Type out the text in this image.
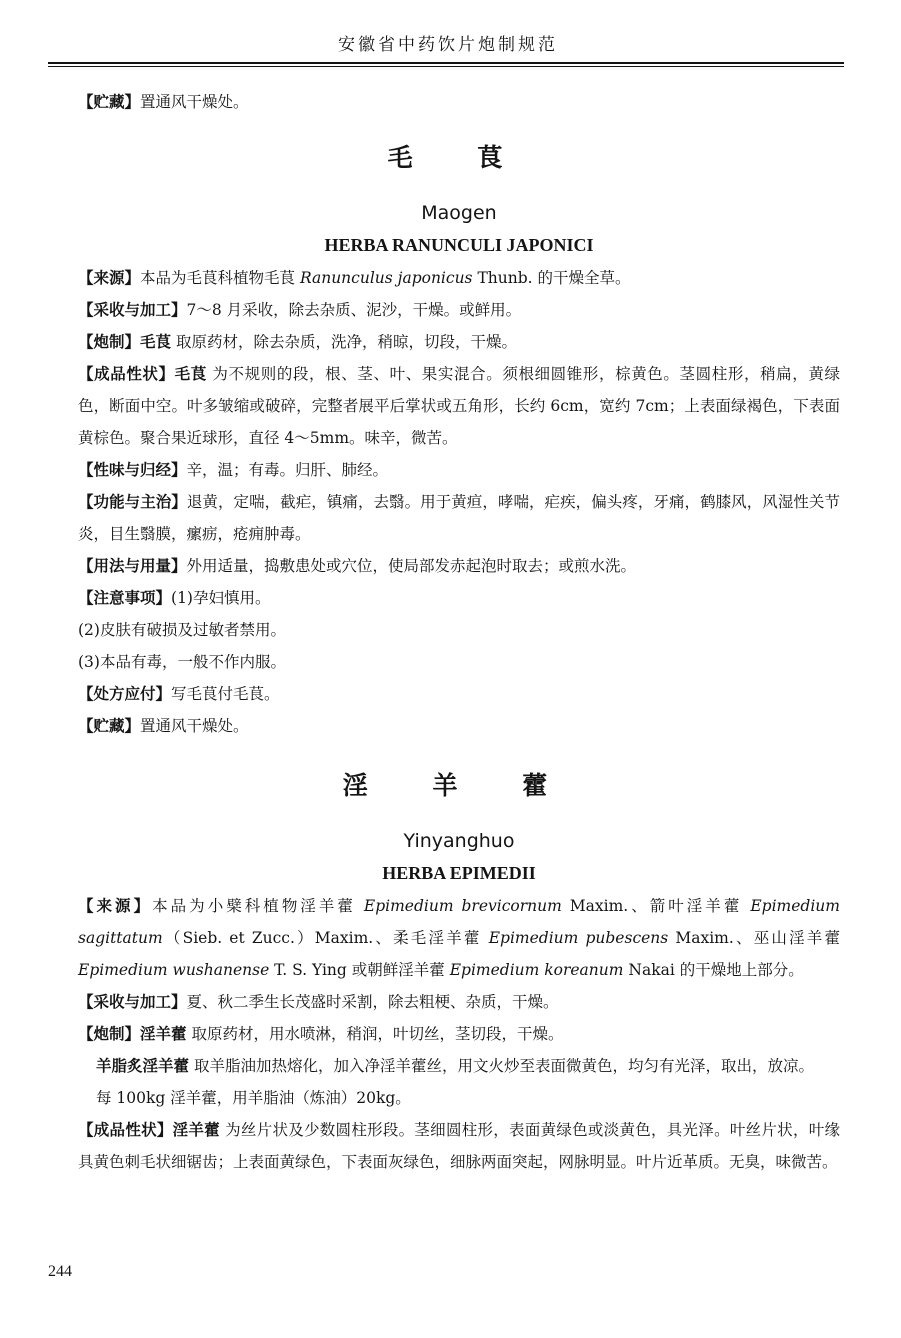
安徽省中药饮片炮制规范

【贮藏】置通风干燥处。

毛 茛
Maogen
HERBA RANUNCULI JAPONICI

【来源】本品为毛茛科植物毛茛 Ranunculus japonicus Thunb. 的干燥全草。

【采收与加工】7～8 月采收，除去杂质、泥沙，干燥。或鲜用。

【炮制】毛茛 取原药材，除去杂质，洗净，稍晾，切段，干燥。

【成品性状】毛茛 为不规则的段，根、茎、叶、果实混合。须根细圆锥形，棕黄色。茎圆柱形，稍扁，黄绿色，断面中空。叶多皱缩或破碎，完整者展平后掌状或五角形，长约 6cm，宽约 7cm；上表面绿褐色，下表面黄棕色。聚合果近球形，直径 4～5mm。味辛，微苦。

【性味与归经】辛，温；有毒。归肝、肺经。

【功能与主治】退黄，定喘，截疟，镇痛，去翳。用于黄疸，哮喘，疟疾，偏头疼，牙痛，鹤膝风，风湿性关节炎，目生翳膜，瘰疬，疮痈肿毒。

【用法与用量】外用适量，捣敷患处或穴位，使局部发赤起泡时取去；或煎水洗。

【注意事项】(1)孕妇慎用。

(2)皮肤有破损及过敏者禁用。

(3)本品有毒，一般不作内服。

【处方应付】写毛茛付毛茛。

【贮藏】置通风干燥处。

淫 羊 藿
Yinyanghuo
HERBA EPIMEDII

【来源】本品为小檗科植物淫羊藿 Epimedium brevicornum Maxim.、箭叶淫羊藿 Epimedium sagittatum（Sieb. et Zucc.）Maxim.、柔毛淫羊藿 Epimedium pubescens Maxim.、巫山淫羊藿 Epimedium wushanense T. S. Ying 或朝鲜淫羊藿 Epimedium koreanum Nakai 的干燥地上部分。

【采收与加工】夏、秋二季生长茂盛时采割，除去粗梗、杂质，干燥。

【炮制】淫羊藿 取原药材，用水喷淋，稍润，叶切丝，茎切段，干燥。

羊脂炙淫羊藿 取羊脂油加热熔化，加入净淫羊藿丝，用文火炒至表面微黄色，均匀有光泽，取出，放凉。

每 100kg 淫羊藿，用羊脂油（炼油）20kg。

【成品性状】淫羊藿 为丝片状及少数圆柱形段。茎细圆柱形，表面黄绿色或淡黄色，具光泽。叶丝片状，叶缘具黄色刺毛状细锯齿；上表面黄绿色，下表面灰绿色，细脉两面突起，网脉明显。叶片近革质。无臭，味微苦。

244
